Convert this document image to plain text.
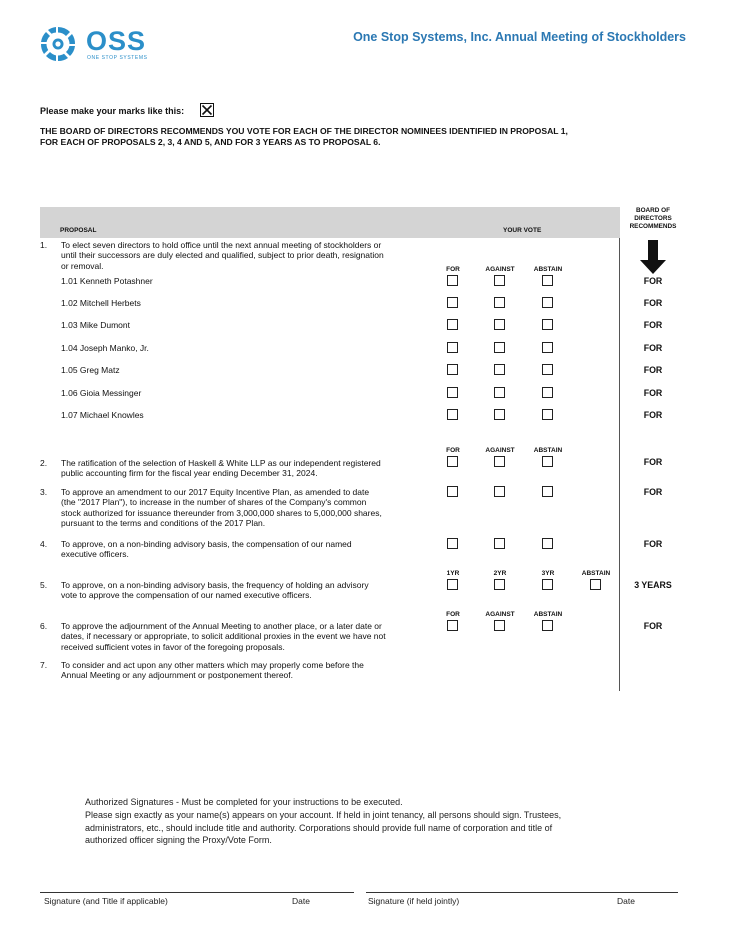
OSS
ONE STOP SYSTEMS
One Stop Systems, Inc. Annual Meeting of Stockholders
Please make your marks like this:
THE BOARD OF DIRECTORS RECOMMENDS YOU VOTE FOR EACH OF THE DIRECTOR NOMINEES IDENTIFIED IN PROPOSAL 1,
FOR EACH OF PROPOSALS 2, 3, 4 AND 5, AND FOR 3 YEARS AS TO PROPOSAL 6.
PROPOSAL	YOUR VOTE
BOARD OF
DIRECTORS
RECOMMENDS
1. To elect seven directors to hold office until the next annual meeting of stockholders or
until their successors are duly elected and qualified, subject to prior death, resignation
or removal.	FOR	AGAINST	ABSTAIN
1.01 Kenneth Potashner	FOR
1.02 Mitchell Herbets	FOR
1.03 Mike Dumont	FOR
1.04 Joseph Manko, Jr.	FOR
1.05 Greg Matz	FOR
1.06 Gioia Messinger	FOR
1.07 Michael Knowles	FOR
FOR	AGAINST	ABSTAIN
2. The ratification of the selection of Haskell & White LLP as our independent registered
public accounting firm for the fiscal year ending December 31, 2024.
FOR
3. To approve an amendment to our 2017 Equity Incentive Plan, as amended to date
(the "2017 Plan"), to increase in the number of shares of the Company's common
stock authorized for issuance thereunder from 3,000,000 shares to 5,000,000 shares,
pursuant to the terms and conditions of the 2017 Plan.
FOR
4. To approve, on a non-binding advisory basis, the compensation of our named
executive officers.
FOR
1YR	2YR	3YR	ABSTAIN
5. To approve, on a non-binding advisory basis, the frequency of holding an advisory
vote to approve the compensation of our named executive officers.
3 YEARS
FOR	AGAINST	ABSTAIN
6. To approve the adjournment of the Annual Meeting to another place, or a later date or
dates, if necessary or appropriate, to solicit additional proxies in the event we have not
received sufficient votes in favor of the foregoing proposals.
FOR
7. To consider and act upon any other matters which may properly come before the
Annual Meeting or any adjournment or postponement thereof.
Authorized Signatures - Must be completed for your instructions to be executed.
Please sign exactly as your name(s) appears on your account. If held in joint tenancy, all persons should sign. Trustees,
administrators, etc., should include title and authority. Corporations should provide full name of corporation and title of
authorized officer signing the Proxy/Vote Form.
Signature (and Title if applicable)	Date	Signature (if held jointly)	Date
